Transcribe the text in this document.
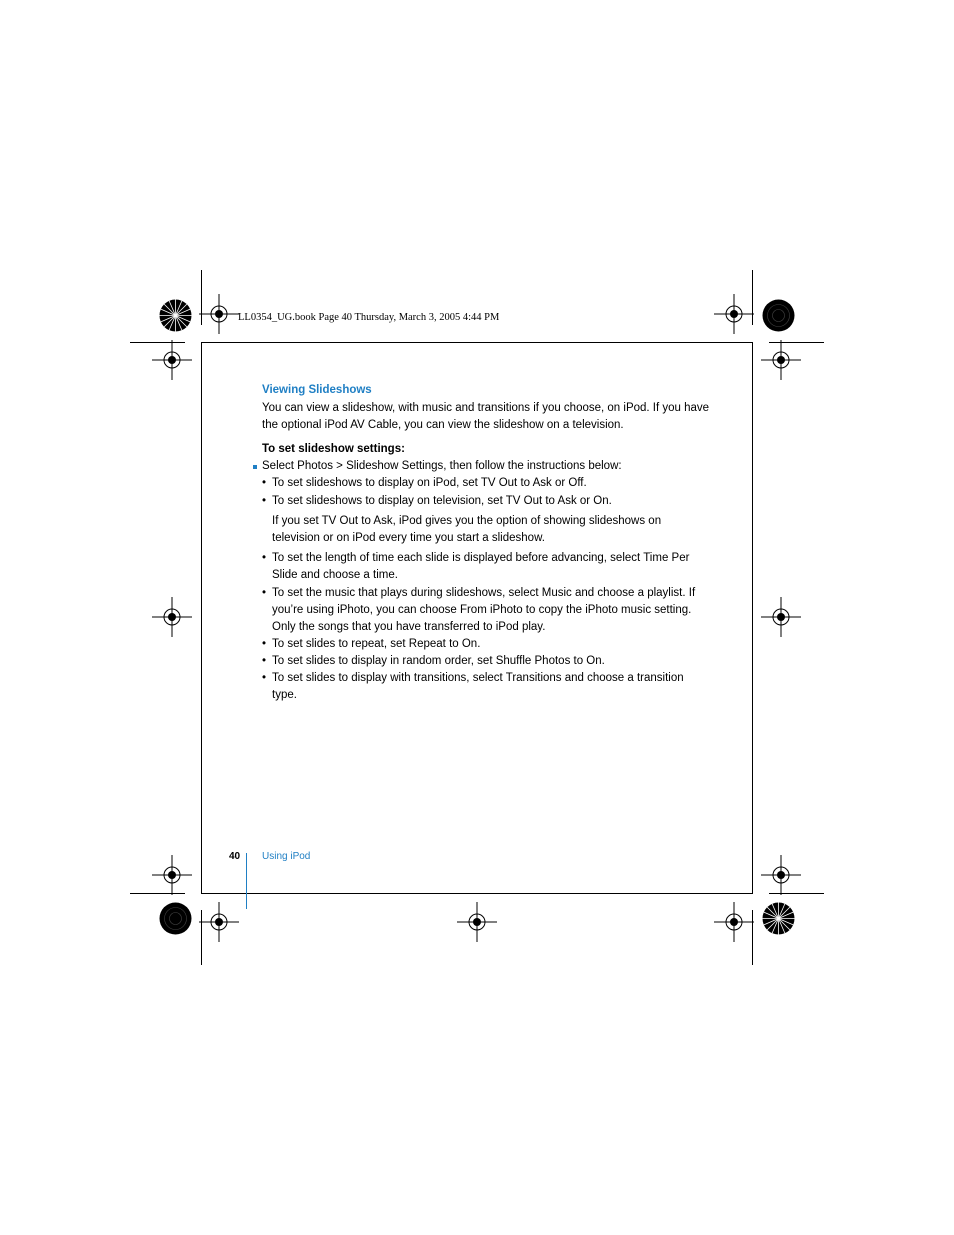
LL0354_UG.book Page 40 Thursday, March 3, 2005 4:44 PM
Viewing Slideshows
You can view a slideshow, with music and transitions if you choose, on iPod. If you have
the optional iPod AV Cable, you can view the slideshow on a television.
To set slideshow settings:
Select Photos > Slideshow Settings, then follow the instructions below:
• To set slideshows to display on iPod, set TV Out to Ask or Off.
• To set slideshows to display on television, set TV Out to Ask or On.
If you set TV Out to Ask, iPod gives you the option of showing slideshows on
television or on iPod every time you start a slideshow.
• To set the length of time each slide is displayed before advancing, select Time Per
Slide and choose a time.
• To set the music that plays during slideshows, select Music and choose a playlist. If
you’re using iPhoto, you can choose From iPhoto to copy the iPhoto music setting.
Only the songs that you have transferred to iPod play.
• To set slides to repeat, set Repeat to On.
• To set slides to display in random order, set Shuffle Photos to On.
• To set slides to display with transitions, select Transitions and choose a transition
type.
40 Using iPod
